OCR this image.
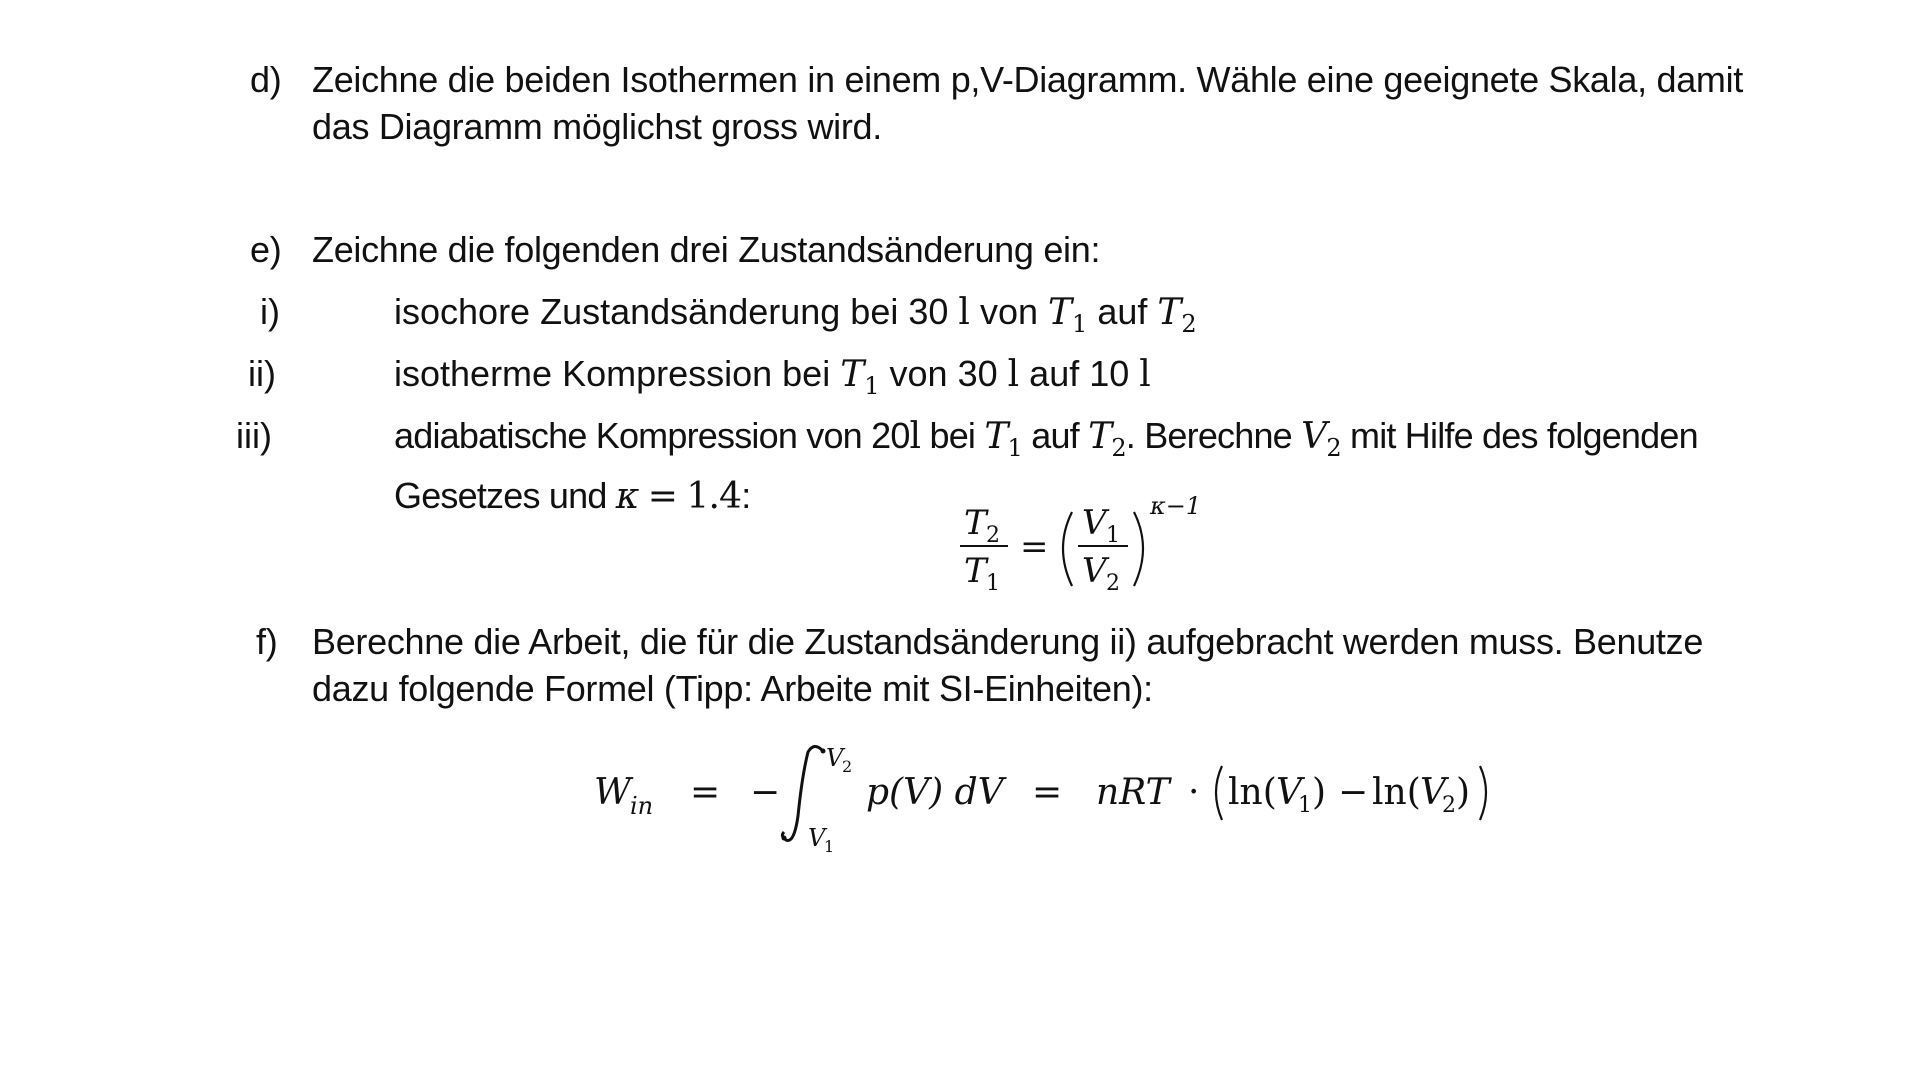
d) Zeichne die beiden Isothermen in einem p,V-Diagramm. Wähle eine geeignete Skala, damit
das Diagramm möglichst gross wird.
e) Zeichne die folgenden drei Zustandsänderung ein:
i)	isochore Zustandsänderung bei 30 l von $T_1$ auf $T_2$
ii)	isotherme Kompression bei $T_1$ von 30 l auf 10 l
iii)	adiabatische Kompression von 20l bei $T_1$ auf $T_2$. Berechne $V_2$ mit Hilfe des folgenden
Gesetzes und κ = 1.4:
T 2
T 1
=
V 1
V 2
κ−1
f) Berechne die Arbeit, die für die Zustandsänderung ii) aufgebracht werden muss. Benutze
dazu folgende Formel (Tipp: Arbeite mit SI-Einheiten):
W
in = −
V
2
V
1
p(V) dV = nRT · ln( V
1 ) − ln( V
2 )
